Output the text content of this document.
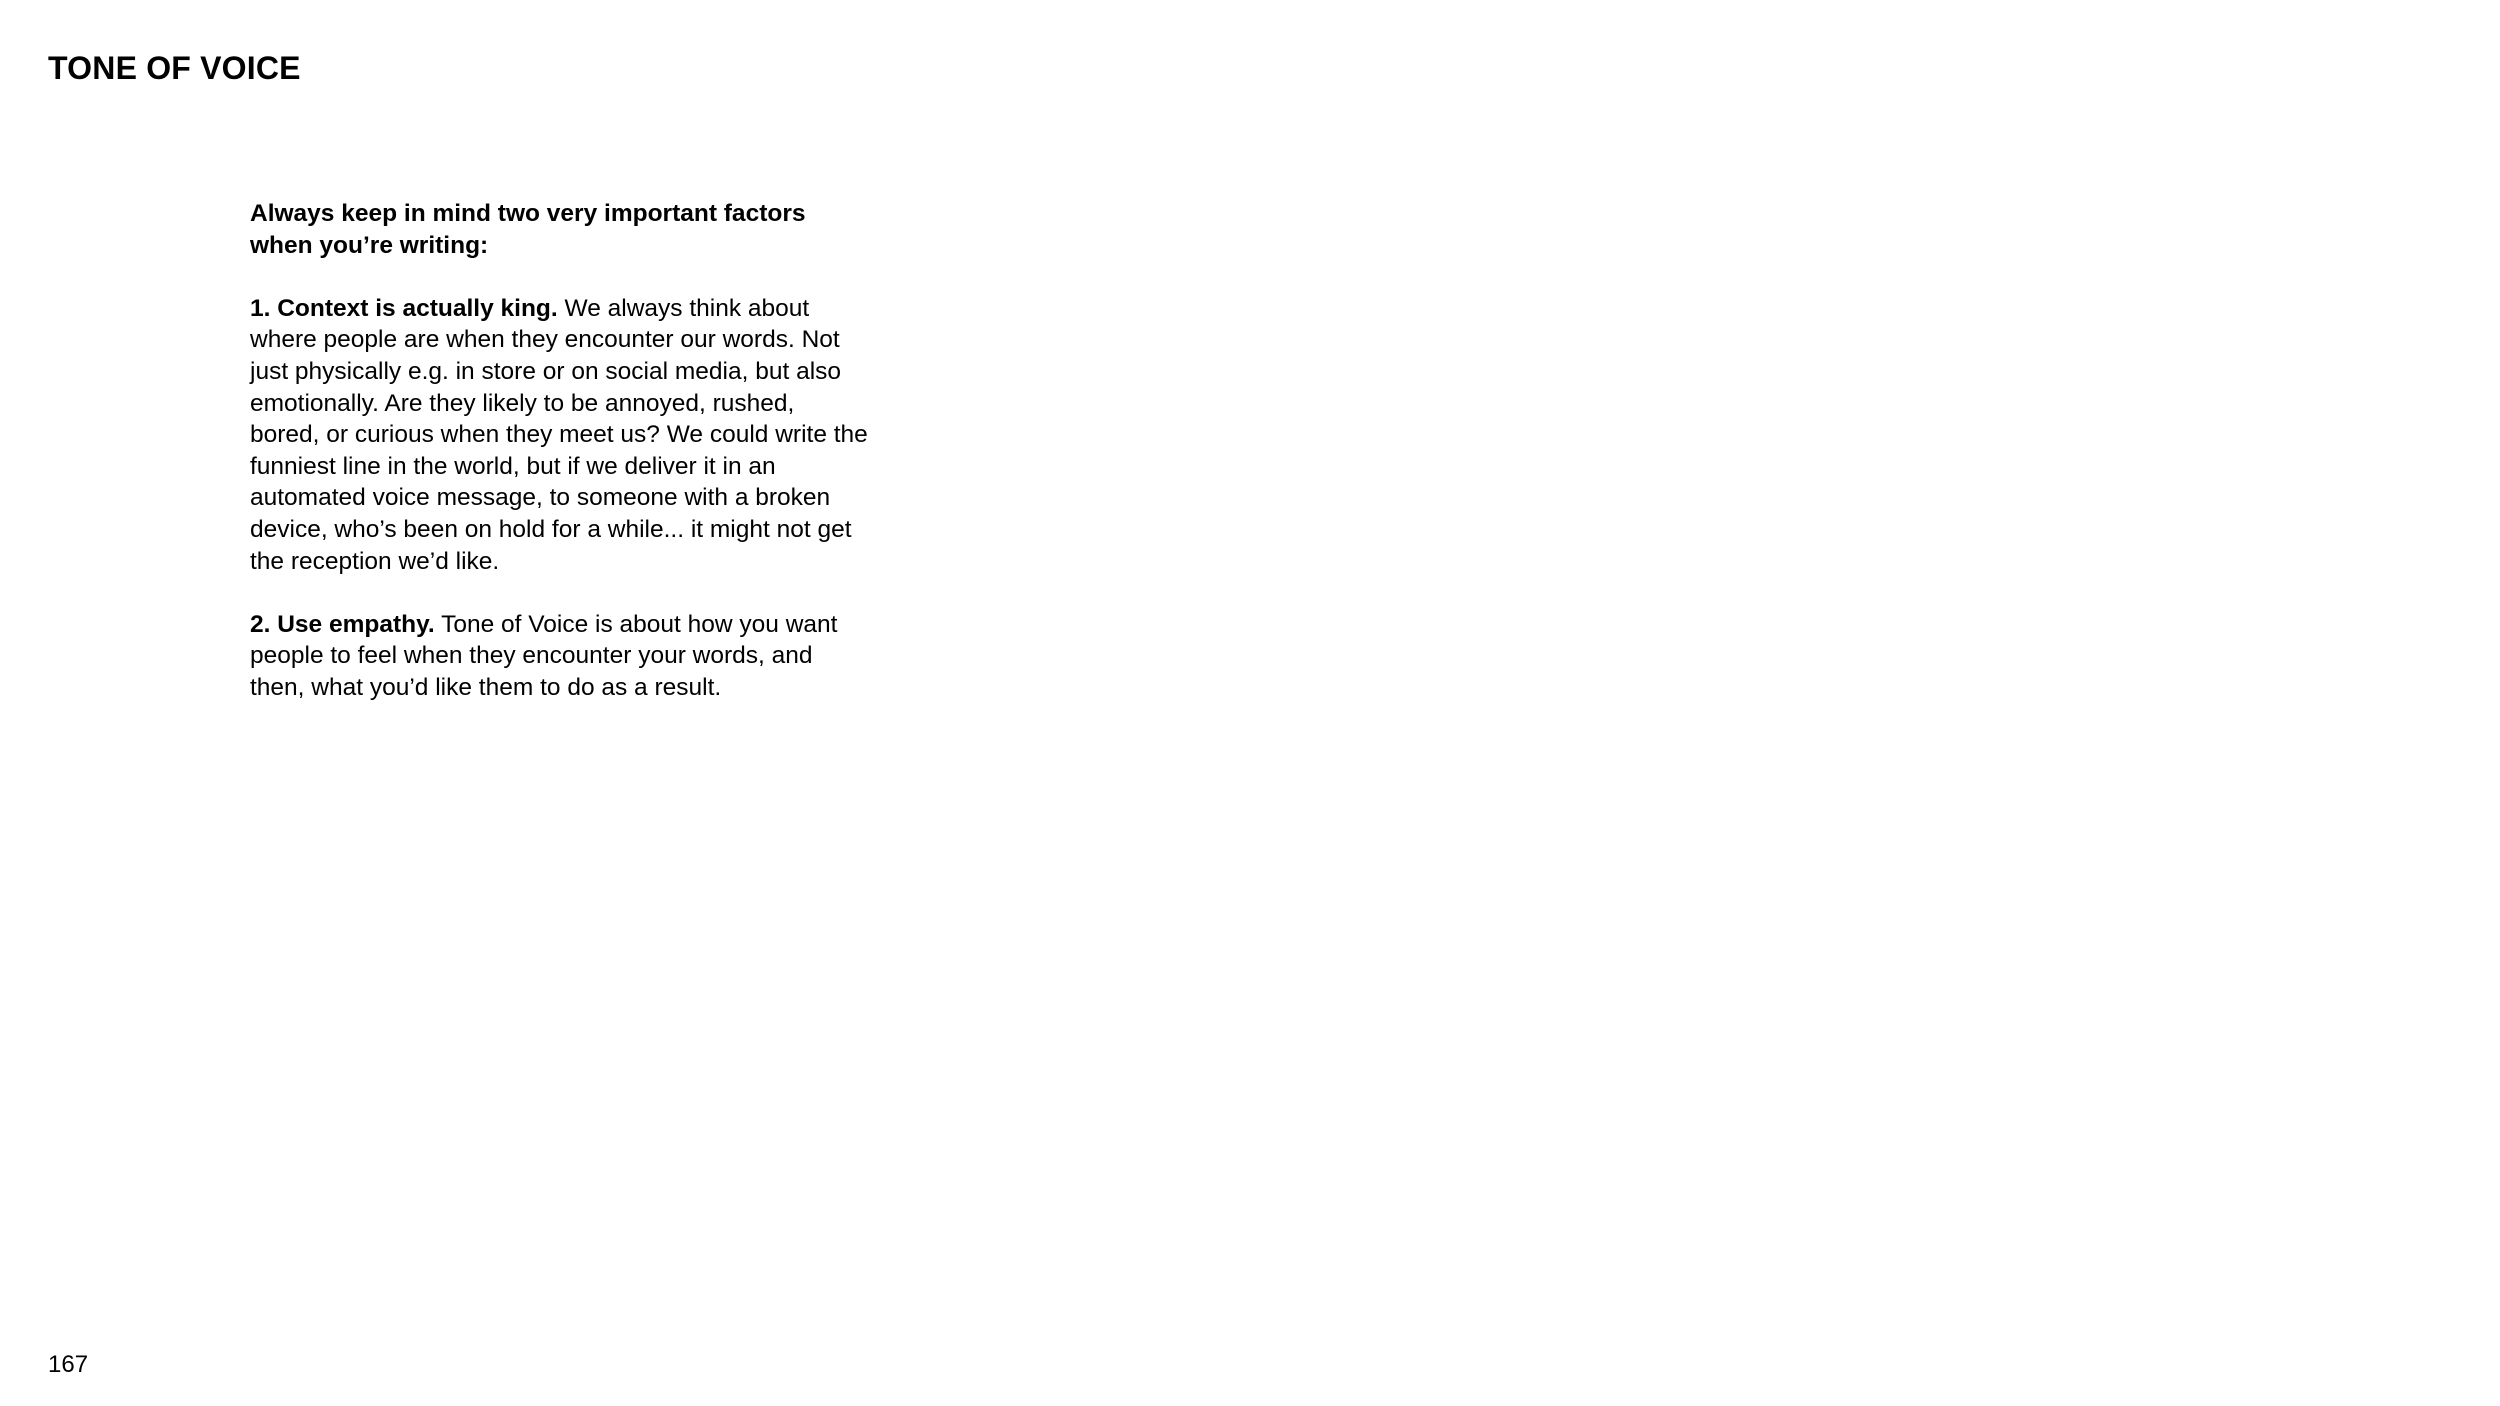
TONE OF VOICE

Always keep in mind two very important factors when you’re writing:

1. Context is actually king. We always think about where people are when they encounter our words. Not just physically e.g. in store or on social media, but also emotionally. Are they likely to be annoyed, rushed, bored, or curious when they meet us? We could write the funniest line in the world, but if we deliver it in an automated voice message, to someone with a broken device, who’s been on hold for a while... it might not get the reception we’d like.

2. Use empathy. Tone of Voice is about how you want people to feel when they encounter your words, and then, what you’d like them to do as a result.

167
